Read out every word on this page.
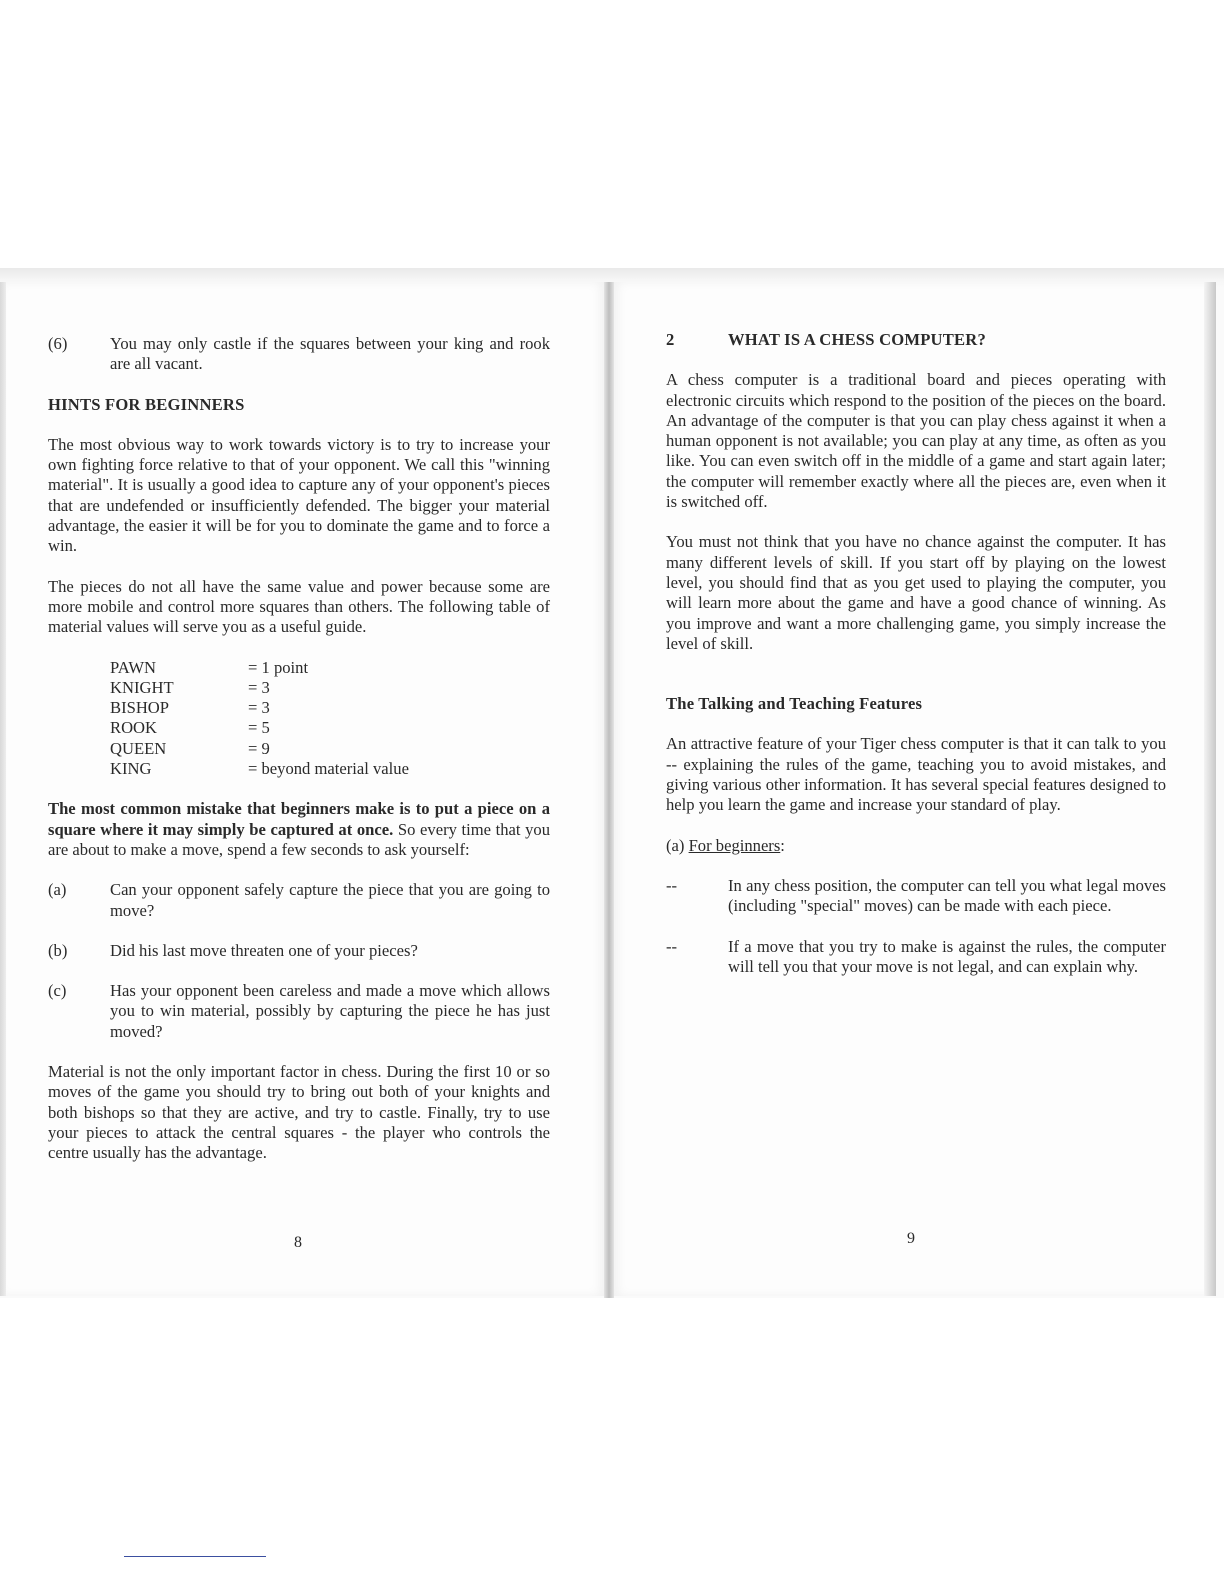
(6)	You may only castle if the squares between your king and rook are all vacant.
HINTS FOR BEGINNERS

The most obvious way to work towards victory is to try to increase your own fighting force relative to that of your opponent. We call this "winning material". It is usually a good idea to capture any of your opponent's pieces that are undefended or insufficiently defended. The bigger your material advantage, the easier it will be for you to dominate the game and to force a win.

The pieces do not all have the same value and power because some are more mobile and control more squares than others. The following table of material values will serve you as a useful guide.

PAWN	= 1 point
KNIGHT	= 3
BISHOP	= 3
ROOK	= 5
QUEEN	= 9
KING	= beyond material value

The most common mistake that beginners make is to put a piece on a square where it may simply be captured at once. So every time that you are about to make a move, spend a few seconds to ask yourself:

(a)	Can your opponent safely capture the piece that you are going to move?
(b)	Did his last move threaten one of your pieces?
(c)	Has your opponent been careless and made a move which allows you to win material, possibly by capturing the piece he has just moved?

Material is not the only important factor in chess. During the first 10 or so moves of the game you should try to bring out both of your knights and both bishops so that they are active, and try to castle. Finally, try to use your pieces to attack the central squares - the player who controls the centre usually has the advantage.

8
2	WHAT IS A CHESS COMPUTER?

A chess computer is a traditional board and pieces operating with electronic circuits which respond to the position of the pieces on the board. An advantage of the computer is that you can play chess against it when a human opponent is not available; you can play at any time, as often as you like. You can even switch off in the middle of a game and start again later; the computer will remember exactly where all the pieces are, even when it is switched off.

You must not think that you have no chance against the computer. It has many different levels of skill. If you start off by playing on the lowest level, you should find that as you get used to playing the computer, you will learn more about the game and have a good chance of winning. As you improve and want a more challenging game, you simply increase the level of skill.

The Talking and Teaching Features

An attractive feature of your Tiger chess computer is that it can talk to you -- explaining the rules of the game, teaching you to avoid mistakes, and giving various other information. It has several special features designed to help you learn the game and increase your standard of play.

(a) For beginners:
--	In any chess position, the computer can tell you what legal moves (including "special" moves) can be made with each piece.
--	If a move that you try to make is against the rules, the computer will tell you that your move is not legal, and can explain why.
9
